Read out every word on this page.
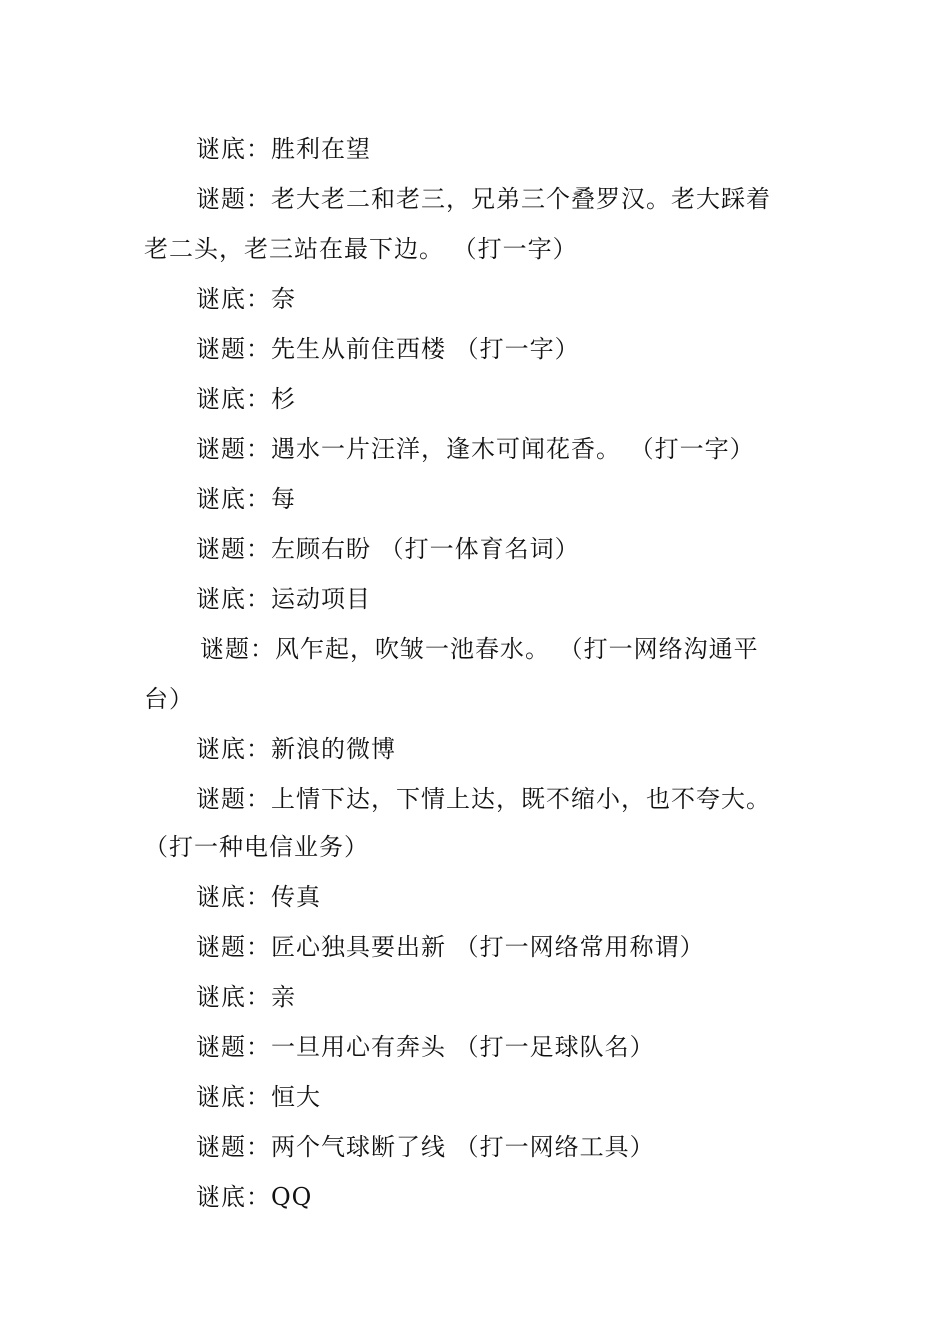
谜底：胜利在望
谜题：老大老二和老三，兄弟三个叠罗汉。老大踩着
老二头，老三站在最下边。 （打一字）
谜底：奈
谜题：先生从前住西楼 （打一字）
谜底：杉
谜题：遇水一片汪洋，逢木可闻花香。 （打一字）
谜底：每
谜题：左顾右盼 （打一体育名词）
谜底：运动项目
谜题：风乍起，吹皱一池春水。 （打一网络沟通平
台）
谜底：新浪的微博
谜题：上情下达，下情上达，既不缩小，也不夸大。
（打一种电信业务）
谜底：传真
谜题：匠心独具要出新 （打一网络常用称谓）
谜底：亲
谜题：一旦用心有奔头 （打一足球队名）
谜底：恒大
谜题：两个气球断了线 （打一网络工具）
谜底：QQ
